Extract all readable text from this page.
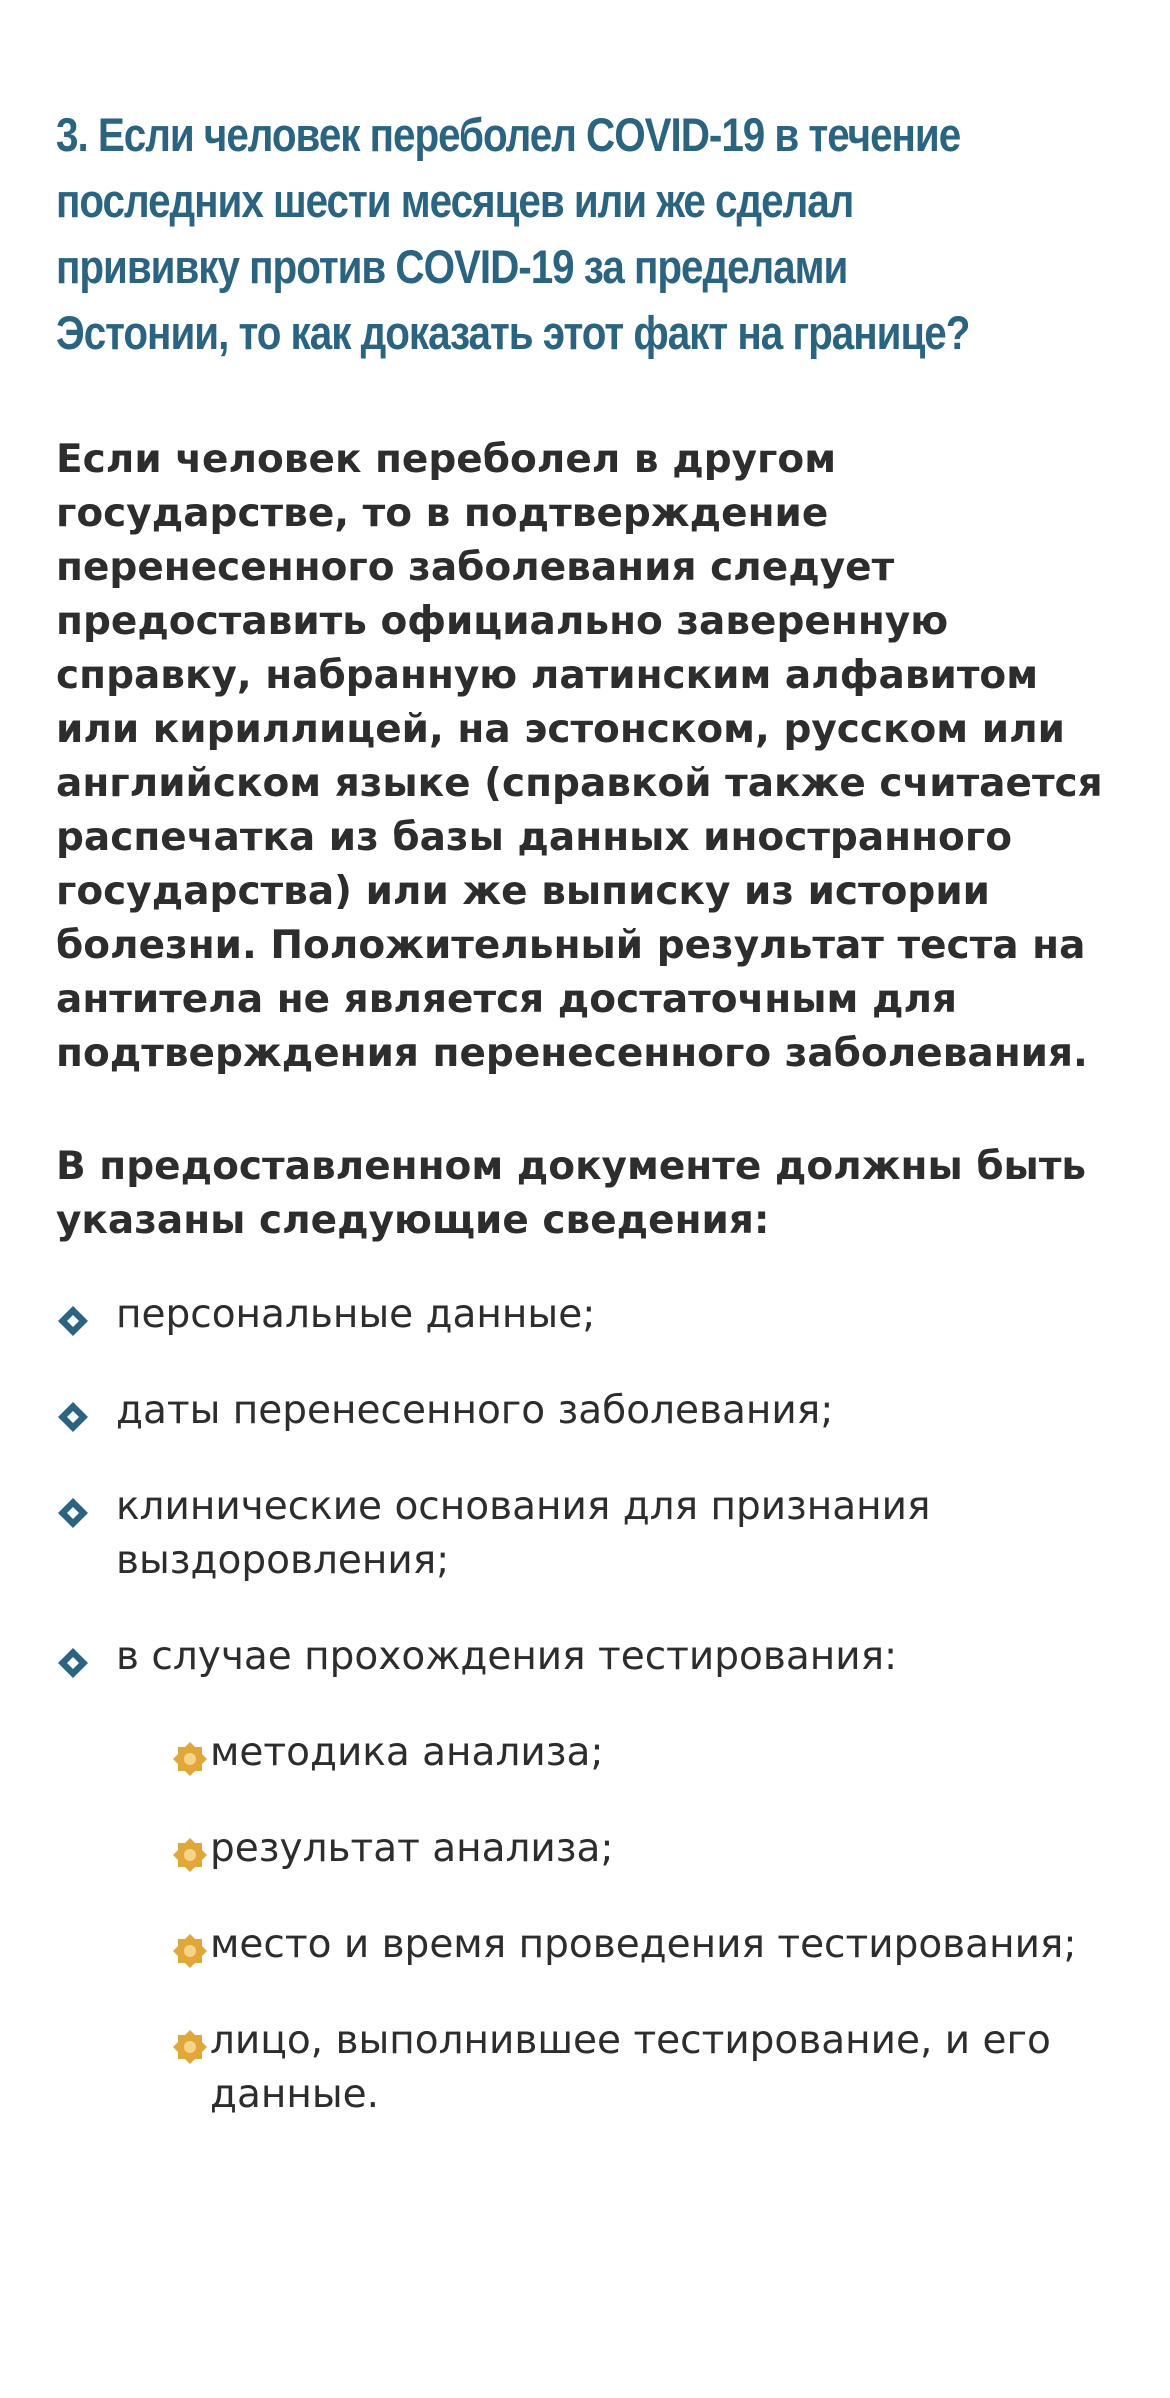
3. Если человек переболел COVID-19 в течение последних шести месяцев или же сделал прививку против COVID-19 за пределами Эстонии, то как доказать этот факт на границе?

Если человек переболел в другом государстве, то в подтверждение перенесенного заболевания следует предоставить официально заверенную справку, набранную латинским алфавитом или кириллицей, на эстонском, русском или английском языке (справкой также считается распечатка из базы данных иностранного государства) или же выписку из истории болезни. Положительный результат теста на антитела не является достаточным для подтверждения перенесенного заболевания.

В предоставленном документе должны быть указаны следующие сведения:

персональные данные;
даты перенесенного заболевания;
клинические основания для признания выздоровления;
в случае прохождения тестирования:
методика анализа;
результат анализа;
место и время проведения тестирования;
лицо, выполнившее тестирование, и его данные.
